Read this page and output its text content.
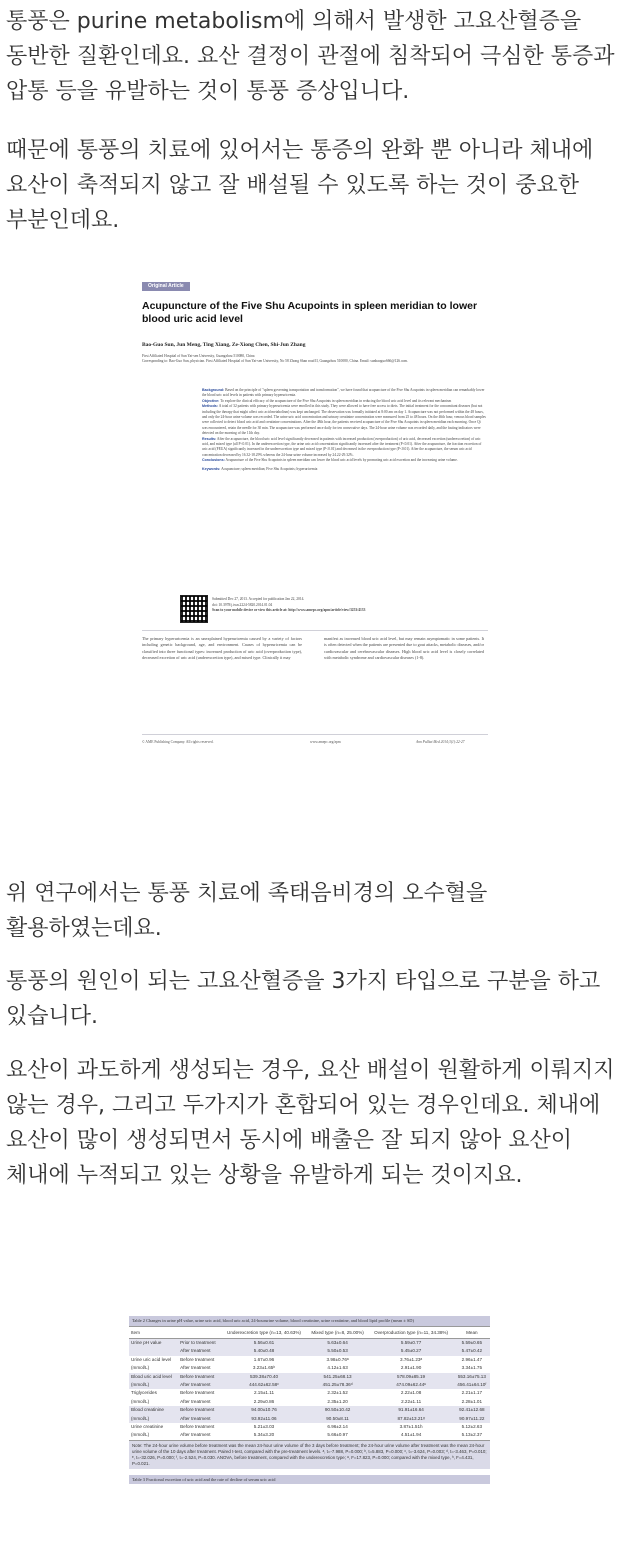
통풍은 purine metabolism에 의해서 발생한 고요산혈증을 동반한 질환인데요. 요산 결정이 관절에 침착되어 극심한 통증과 압통 등을 유발하는 것이 통풍 증상입니다.

때문에 통풍의 치료에 있어서는 통증의 완화 뿐 아니라 체내에 요산이 축적되지 않고 잘 배설될 수 있도록 하는 것이 중요한 부분인데요.

Original Article
Acupuncture of the Five Shu Acupoints in spleen meridian to lower blood uric acid level
Bao-Guo Sun, Jun Meng, Ting Xiang, Ze-Xiong Chen, Shi-Jun Zhang
First Affiliated Hospital of Sun Yat-sen University, Guangzhou 510080, China
Corresponding to: Bao-Guo Sun, physician. First Affiliated Hospital of Sun Yat-sen University, No 58 Zhong Shan road II, Guangzhou 510080, China. Email: sunbaoguo666@126.com.
Background: Based on the principle of "spleen governing transportation and transformation", we have found that acupuncture of the Five Shu Acupoints in spleen meridian can remarkably lower the blood uric acid levels in patients with primary hyperuricemia.
Objective: To explore the clinical efficacy of the acupuncture of the Five Shu Acupoints in spleen meridian in reducing the blood uric acid level and its relevant mechanism
Methods: A total of 32 patients with primary hyperuricemia were enrolled in this study. They were allowed to have free access to diets. The initial treatment for the concomitant diseases (but not including the therapy that might affect uric acid metabolism) was kept unchanged. The observation was formally initiated at 8:00 am on day 1. Acupuncture was not performed within the 48 hours, and only the 24-hour urine volume was recorded. The urine uric acid concentration and urinary creatinine concentration were measured from 25 to 48 hours. On the 46th hour, venous blood samples were collected to detect blood uric acid and creatinine concentrations. After the 48th hour, the patients received acupuncture of the Five Shu Acupoints in spleen meridian each morning. Once Qi was encountered, retain the needle for 30 min. The acupuncture was performed once daily for ten consecutive days. The 24-hour urine volume was recorded daily, and the fasting indicators were detected on the morning of the 11th day.
Results: After the acupuncture, the blood uric acid level significantly decreased in patients with increased production (overproduction) of uric acid, decreased excretion (underexcretion) of uric acid, and mixed type (all P<0.01). In the underexcretion type, the urine uric acid concentration significantly increased after the treatment (P<0.01). After the acupuncture, the fraction excretion of uric acid (FEUA) significantly increased in the underexcretion type and mixed type (P<0.01) and decreased in the overproduction type (P<0.01). After the acupuncture, the serum uric acid concentration decreased by 16.32-18.29% whereas the 24-hour urine volume increased by 24.22-29.32%.
Conclusions: Acupuncture of the Five Shu Acupoints in spleen meridian can lower the blood uric acid levels by promoting uric acid excretion and the increasing urine volume.
Keywords: Acupuncture; spleen meridian; Five Shu Acupoints; hyperuricemia
Submitted Dec 27, 2013. Accepted for publication Jan 22, 2014.
doi: 10.3978/j.issn.2224-5820.2014.01.04
Scan to your mobile device or view this article at: http://www.amepc.org/apm/article/view/3253/4133
The primary hyperuricemia is an unexplained hyperuricemia caused by a variety of factors including genetic background, age, and environment. Causes of hyperuricemia can be classified into three functional types: increased production of uric acid (overproduction type), decreased excretion of uric acid (underexcretion type), and mixed type. Clinically it may
manifest as increased blood uric acid level, but may remain asymptomatic in some patients. It is often detected when the patients are presented due to gout attacks, metabolic diseases, and/or cardiovascular and cerebrovascular diseases. High blood uric acid level is closely correlated with metabolic syndrome and cardiovascular diseases (1-8).
© AME Publishing Company. All rights reserved.	www.amepc.org/apm	Ann Palliat Med 2014;3(1):22-27

위 연구에서는 통풍 치료에 족태음비경의 오수혈을 활용하였는데요.

통풍의 원인이 되는 고요산혈증을 3가지 타입으로 구분을 하고 있습니다.

요산이 과도하게 생성되는 경우, 요산 배설이 원활하게 이뤄지지 않는 경우, 그리고 두가지가 혼합되어 있는 경우인데요. 체내에 요산이 많이 생성되면서 동시에 배출은 잘 되지 않아 요산이 체내에 누적되고 있는 상황을 유발하게 되는 것이지요.

Table 2 Changes in urine pH value, urine uric acid, blood uric acid, 24-hoururine volume, blood creatinine, urine creatinine, and blood lipid profile (mean ± SD)
Item		Underexcretion type (n=13, 40.63%)	Mixed type (n=8, 25.00%)	Overproduction type (n=11, 34.38%)	Mean
Urine pH value	Prior to treatment	5.56±0.61	5.63±0.64	5.59±0.77	5.59±0.65
	After treatment	5.40±0.48	5.50±0.53	5.45±0.27	5.47±0.42
Urine uric acid level	Before treatment	1.67±0.96	3.98±0.76ᵃ	3.76±1.23ᵃ	2.96±1.47
(mmol/L)	After treatment	3.23±1.65ᵇ	4.12±1.63	2.91±1.90	3.34±1.75
Blood uric acid level	Before treatment	539.38±70.40	541.25±68.13	578.09±85.19	553.16±75.13
(mmol/L)	After treatment	444.62±62.58ᶜ	451.25±78.36ᵈ	474.09±62.44ᵉ	456.41±64.10ᶠ
Triglycerides	Before treatment	2.15±1.11	2.32±1.52	2.22±1.08	2.21±1.17
(mmol/L)	After treatment	2.29±0.86	2.35±1.20	2.22±1.11	2.28±1.01
Blood creatinine	Before treatment	94.00±10.76	90.50±10.42	91.91±16.64	92.41±12.68
(mmol/L)	After treatment	93.92±11.06	90.50±8.11	87.82±13.21ᶢ	90.97±11.22
Urine creatinine	Before treatment	5.21±3.03	6.96±2.14	3.87±1.51h	5.12±2.63
(mmol/L)	After treatment	5.34±3.20	5.66±0.97	4.51±1.94	5.13±2.37
Note: The 24-hour urine volume before treatment was the mean 24-hour urine volume of the 3 days before treatment; the 24-hour urine volume after treatment was the mean 24-hour urine volume of the 10 days after treatment. Paired t-test, compared with the pre-treatment levels. ᵃ, t=-7.988, P=0.000; ᵇ, t=5.883, P=0.000; ᶜ, t=-3.624, P=0.003; ᵈ, t=-3.463, P=0.010; ᵉ, t=-32.026, P=0.000; ᶠ, t=-2.524, P=0.030. ANOVA, before treatment, compared with the underexcretion type; ᵃ, F=17.823, P=0.000; compared with the mixed type, ʰ, F=4.431, P=0.021.
Table 3 Fractional excretion of uric acid and the rate of decline of serum uric acid
